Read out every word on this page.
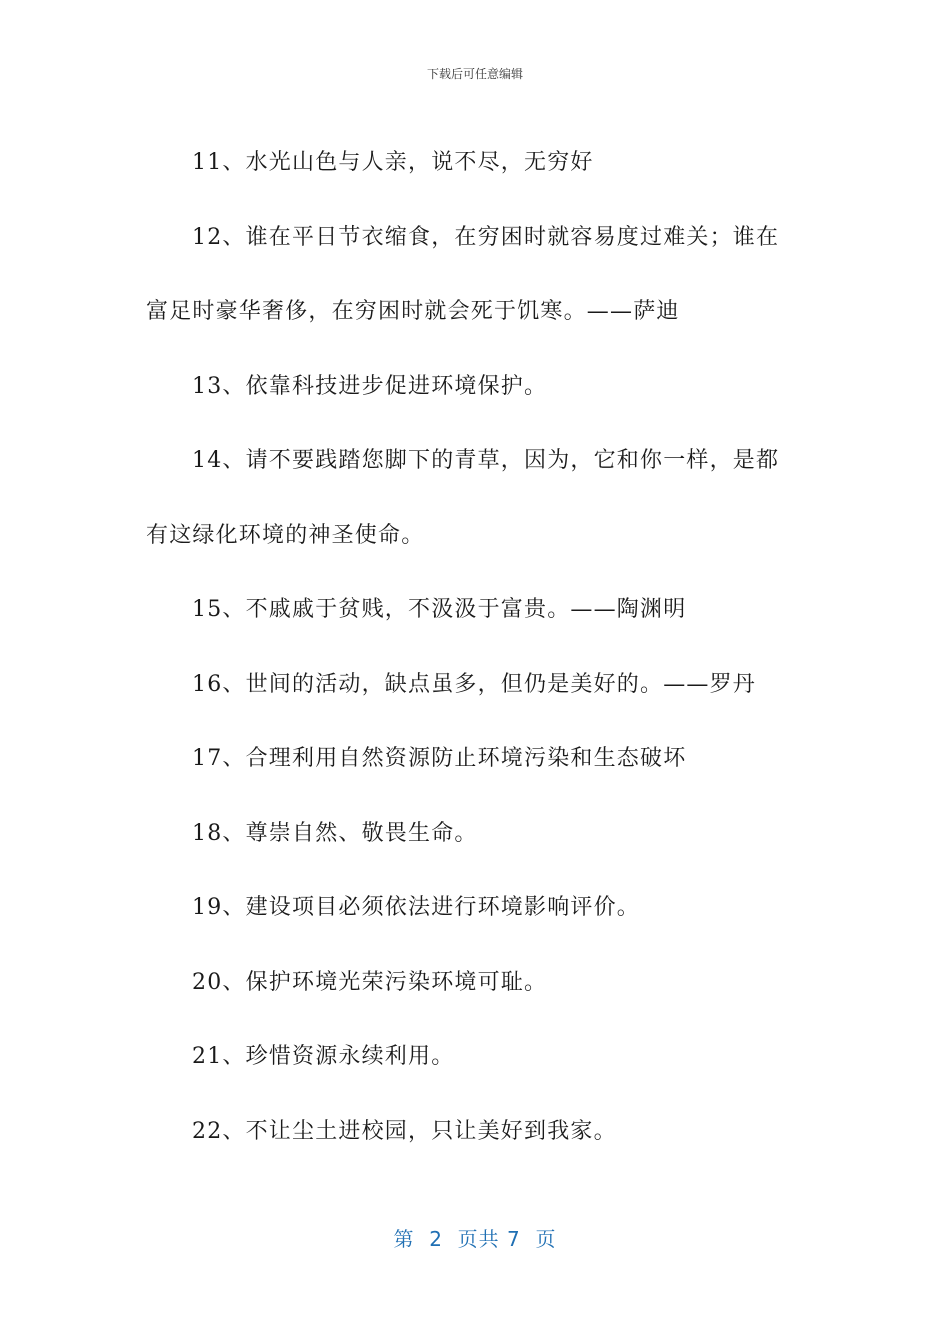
下载后可任意编辑

11、水光山色与人亲，说不尽，无穷好

12、谁在平日节衣缩食，在穷困时就容易度过难关；谁在富足时豪华奢侈，在穷困时就会死于饥寒。——萨迪

13、依靠科技进步促进环境保护。

14、请不要践踏您脚下的青草，因为，它和你一样，是都有这绿化环境的神圣使命。

15、不戚戚于贫贱，不汲汲于富贵。——陶渊明

16、世间的活动，缺点虽多，但仍是美好的。——罗丹

17、合理利用自然资源防止环境污染和生态破坏

18、尊崇自然、敬畏生命。

19、建设项目必须依法进行环境影响评价。

20、保护环境光荣污染环境可耻。

21、珍惜资源永续利用。

22、不让尘土进校园，只让美好到我家。

第  2  页共 7  页
